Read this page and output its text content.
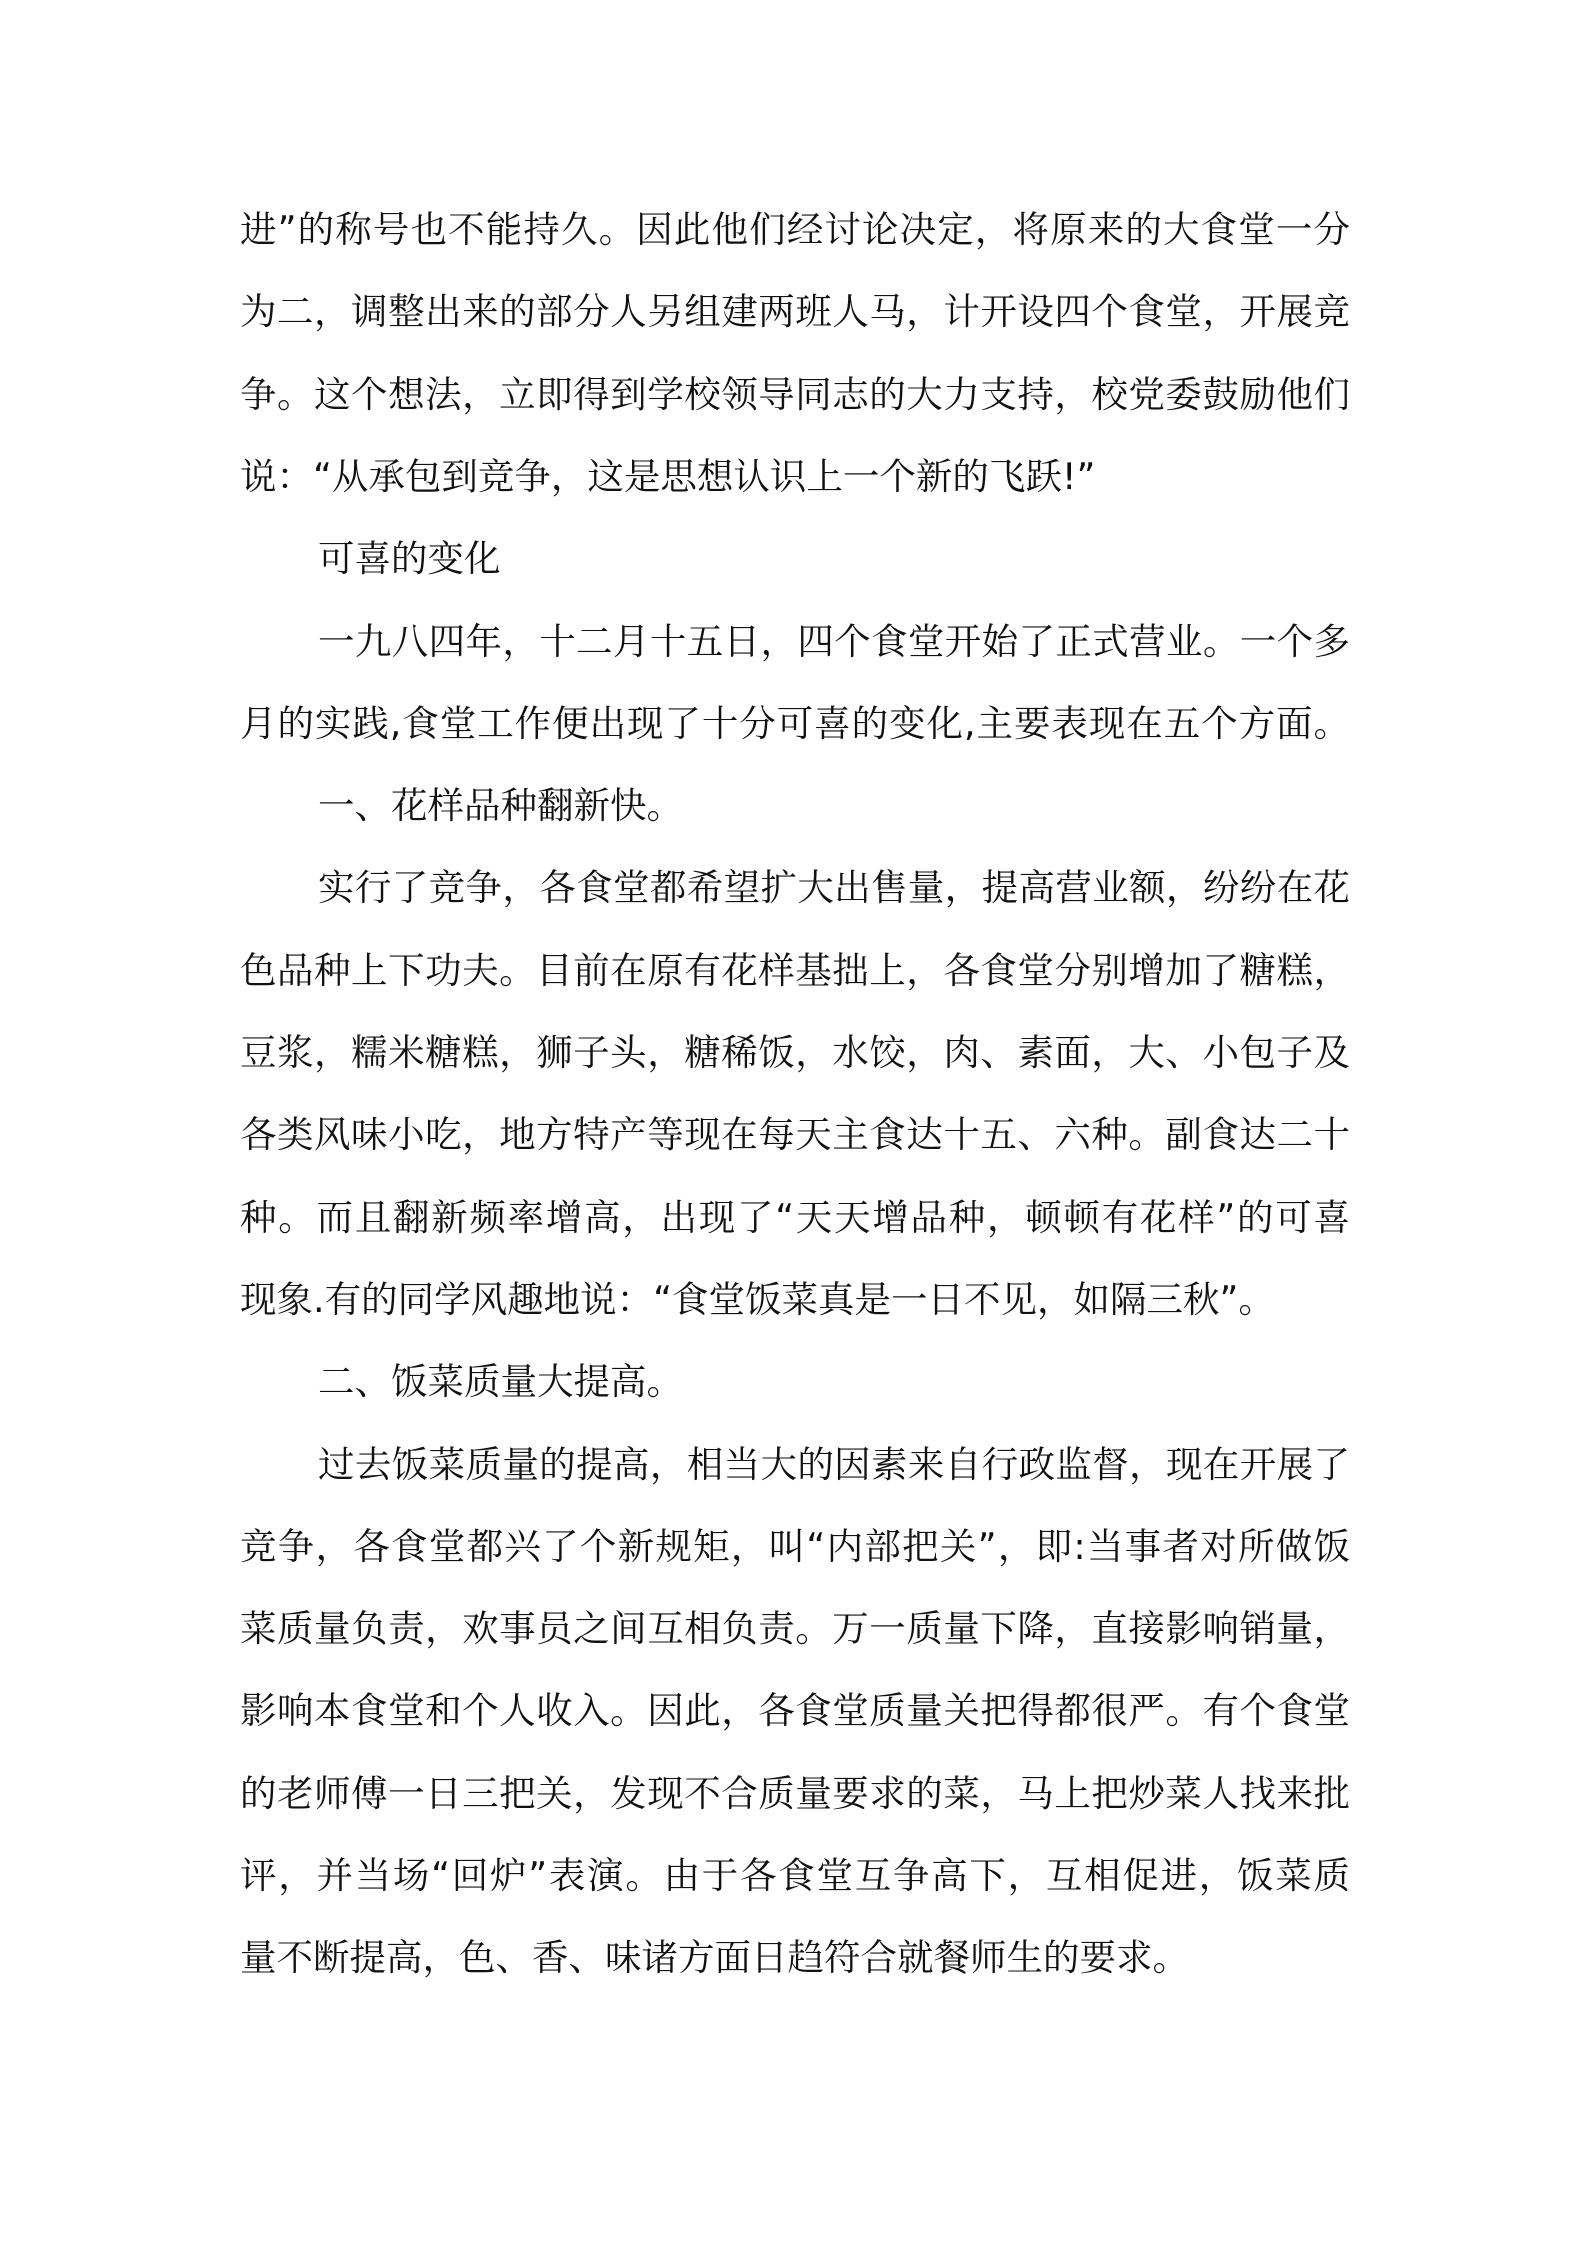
进”的称号也不能持久。因此他们经讨论决定，将原来的大食堂一分
为二，调整出来的部分人另组建两班人马，计开设四个食堂，开展竞
争。这个想法，立即得到学校领导同志的大力支持，校党委鼓励他们
说：“从承包到竞争，这是思想认识上一个新的飞跃!”
可喜的变化
一九八四年，十二月十五日，四个食堂开始了正式营业。一个多
月的实践,食堂工作便出现了十分可喜的变化,主要表现在五个方面。
一、花样品种翻新快。
实行了竞争，各食堂都希望扩大出售量，提高营业额，纷纷在花
色品种上下功夫。目前在原有花样基拙上，各食堂分别增加了糖糕，
豆浆，糯米糖糕，狮子头，糖稀饭，水饺，肉、素面，大、小包子及
各类风味小吃，地方特产等现在每天主食达十五、六种。副食达二十
种。而且翻新频率增高，出现了“天天增品种，顿顿有花样”的可喜
现象.有的同学风趣地说：“食堂饭菜真是一日不见，如隔三秋”。
二、饭菜质量大提高。
过去饭菜质量的提高，相当大的因素来自行政监督，现在开展了
竞争，各食堂都兴了个新规矩，叫“内部把关”，即:当事者对所做饭
菜质量负责，欢事员之间互相负责。万一质量下降，直接影响销量，
影响本食堂和个人收入。因此，各食堂质量关把得都很严。有个食堂
的老师傅一日三把关，发现不合质量要求的菜，马上把炒菜人找来批
评，并当场“回炉”表演。由于各食堂互争高下，互相促进，饭菜质
量不断提高，色、香、味诸方面日趋符合就餐师生的要求。
